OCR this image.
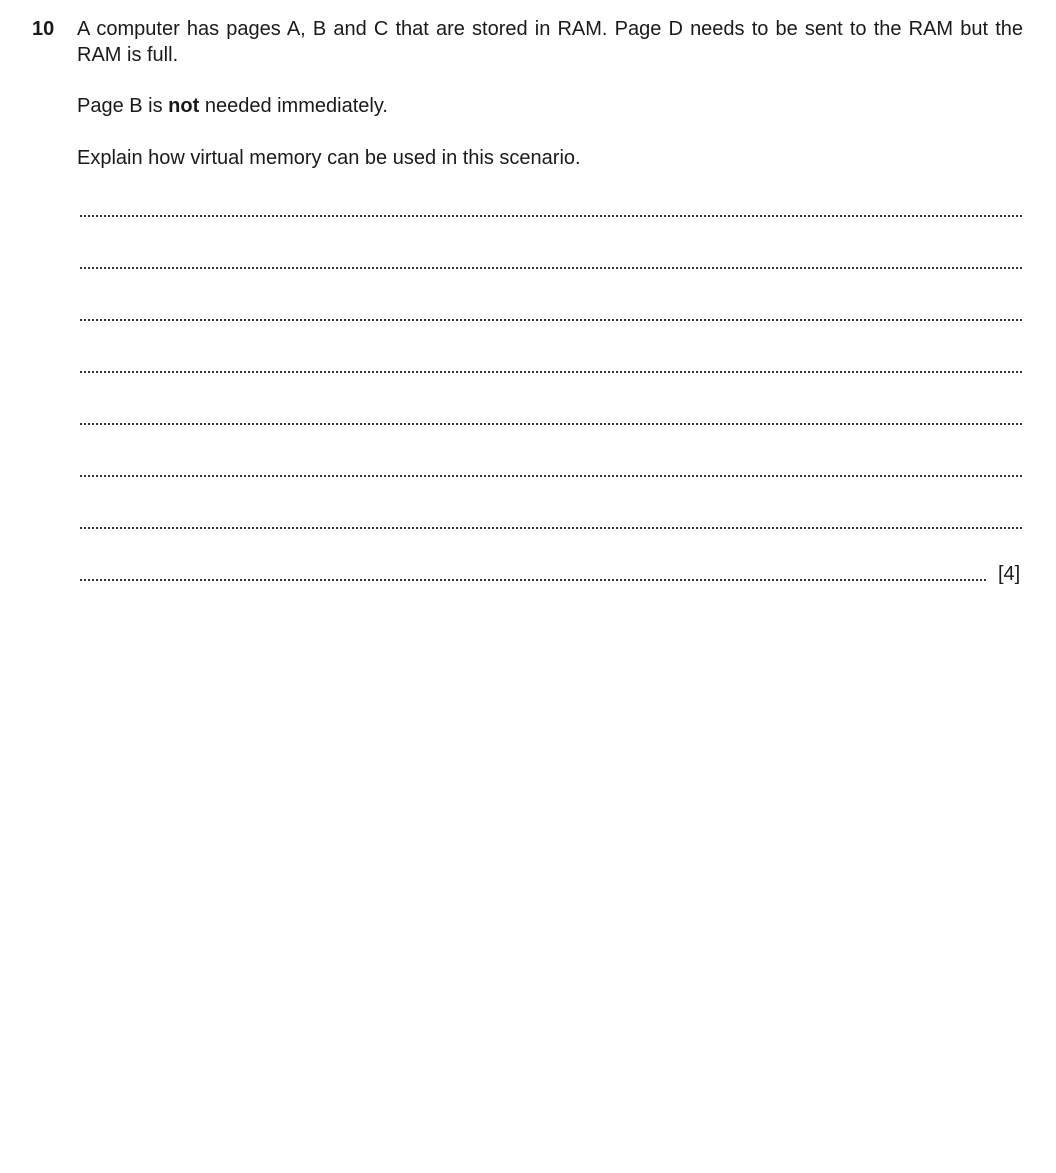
10 A computer has pages A, B and C that are stored in RAM. Page D needs to be sent to the RAM but the RAM is full.
Page B is not needed immediately.
Explain how virtual memory can be used in this scenario.
[4]
